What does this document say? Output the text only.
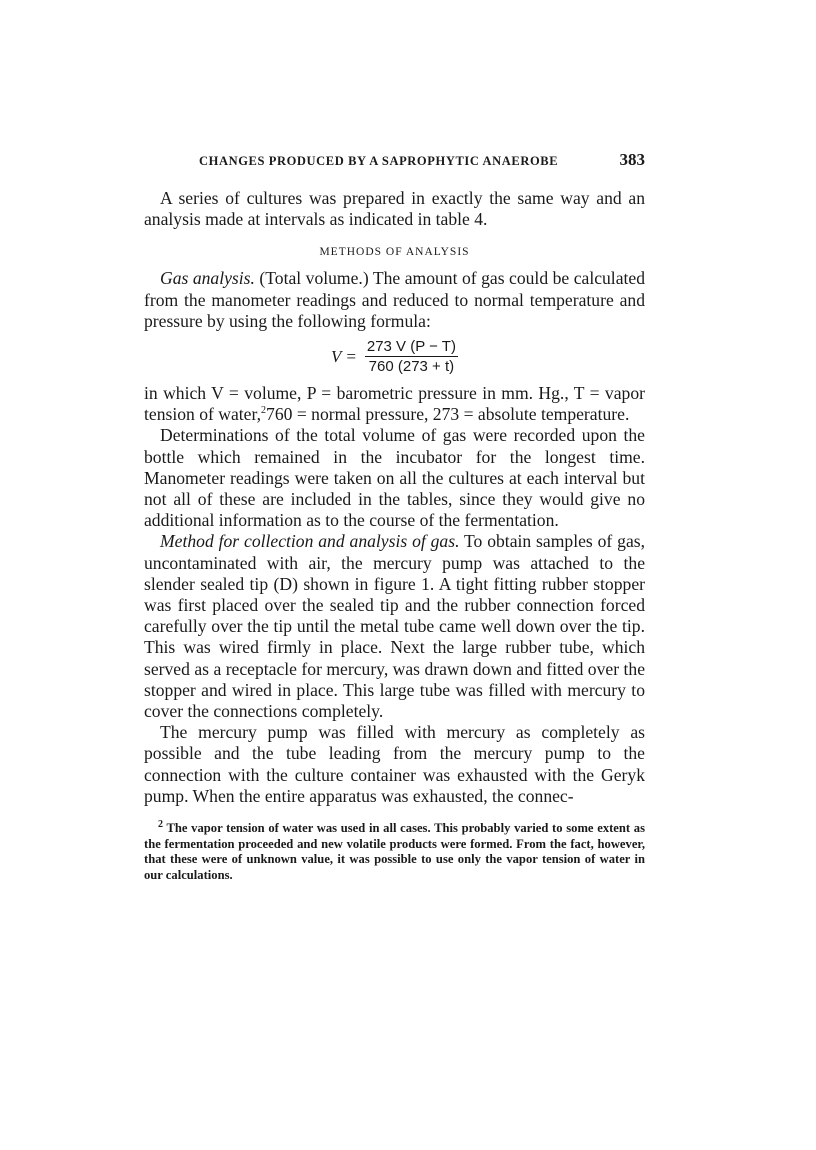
CHANGES PRODUCED BY A SAPROPHYTIC ANAEROBE	383

A series of cultures was prepared in exactly the same way and an analysis made at intervals as indicated in table 4.

METHODS OF ANALYSIS

Gas analysis. (Total volume.) The amount of gas could be calculated from the manometer readings and reduced to normal temperature and pressure by using the following formula:

$V = \frac{273 V (P - T)}{760 (273 + t)}$

in which V = volume, P = barometric pressure in mm. Hg., T = vapor tension of water,$^2$760 = normal pressure, 273 = absolute temperature.

Determinations of the total volume of gas were recorded upon the bottle which remained in the incubator for the longest time. Manometer readings were taken on all the cultures at each interval but not all of these are included in the tables, since they would give no additional information as to the course of the fermentation.

Method for collection and analysis of gas. To obtain samples of gas, uncontaminated with air, the mercury pump was attached to the slender sealed tip (D) shown in figure 1. A tight fitting rubber stopper was first placed over the sealed tip and the rubber connection forced carefully over the tip until the metal tube came well down over the tip. This was wired firmly in place. Next the large rubber tube, which served as a receptacle for mercury, was drawn down and fitted over the stopper and wired in place. This large tube was filled with mercury to cover the connections completely.

The mercury pump was filled with mercury as completely as possible and the tube leading from the mercury pump to the connection with the culture container was exhausted with the Geryk pump. When the entire apparatus was exhausted, the connec-

$^2$ The vapor tension of water was used in all cases. This probably varied to some extent as the fermentation proceeded and new volatile products were formed. From the fact, however, that these were of unknown value, it was possible to use only the vapor tension of water in our calculations.
